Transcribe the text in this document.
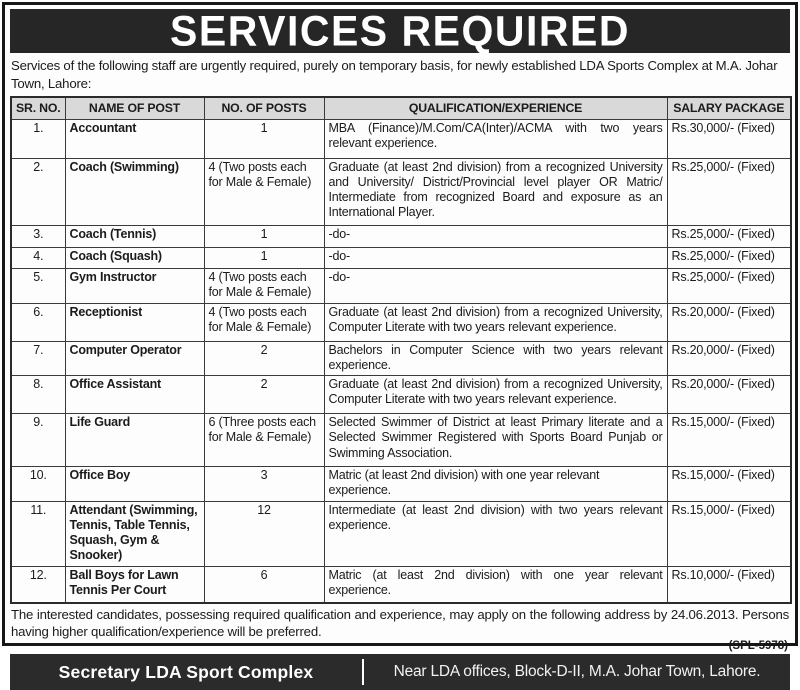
SERVICES REQUIRED
Services of the following staff are urgently required, purely on temporary basis, for newly established LDA Sports Complex at M.A. Johar Town, Lahore:
SR. NO.	NAME OF POST	NO. OF POSTS	QUALIFICATION/EXPERIENCE	SALARY PACKAGE
1.	Accountant	1	MBA (Finance)/M.Com/CA(Inter)/ACMA with two years relevant experience.	Rs.30,000/- (Fixed)
2.	Coach (Swimming)	4 (Two posts each for Male & Female)	Graduate (at least 2nd division) from a recognized University and University/ District/Provincial level player OR Matric/ Intermediate from recognized Board and exposure as an International Player.	Rs.25,000/- (Fixed)
3.	Coach (Tennis)	1	-do-	Rs.25,000/- (Fixed)
4.	Coach (Squash)	1	-do-	Rs.25,000/- (Fixed)
5.	Gym Instructor	4 (Two posts each for Male & Female)	-do-	Rs.25,000/- (Fixed)
6.	Receptionist	4 (Two posts each for Male & Female)	Graduate (at least 2nd division) from a recognized University, Computer Literate with two years relevant experience.	Rs.20,000/- (Fixed)
7.	Computer Operator	2	Bachelors in Computer Science with two years relevant experience.	Rs.20,000/- (Fixed)
8.	Office Assistant	2	Graduate (at least 2nd division) from a recognized University, Computer Literate with two years relevant experience.	Rs.20,000/- (Fixed)
9.	Life Guard	6 (Three posts each for Male & Female)	Selected Swimmer of District at least Primary literate and a Selected Swimmer Registered with Sports Board Punjab or Swimming Association.	Rs.15,000/- (Fixed)
10.	Office Boy	3	Matric (at least 2nd division) with one year relevant experience.	Rs.15,000/- (Fixed)
11.	Attendant (Swimming, Tennis, Table Tennis, Squash, Gym & Snooker)	12	Intermediate (at least 2nd division) with two years relevant experience.	Rs.15,000/- (Fixed)
12.	Ball Boys for Lawn Tennis Per Court	6	Matric (at least 2nd division) with one year relevant experience.	Rs.10,000/- (Fixed)
The interested candidates, possessing required qualification and experience, may apply on the following address by 24.06.2013. Persons having higher qualification/experience will be preferred.
(SPL-5978)
Secretary LDA Sport Complex	Near LDA offices, Block-D-II, M.A. Johar Town, Lahore.
